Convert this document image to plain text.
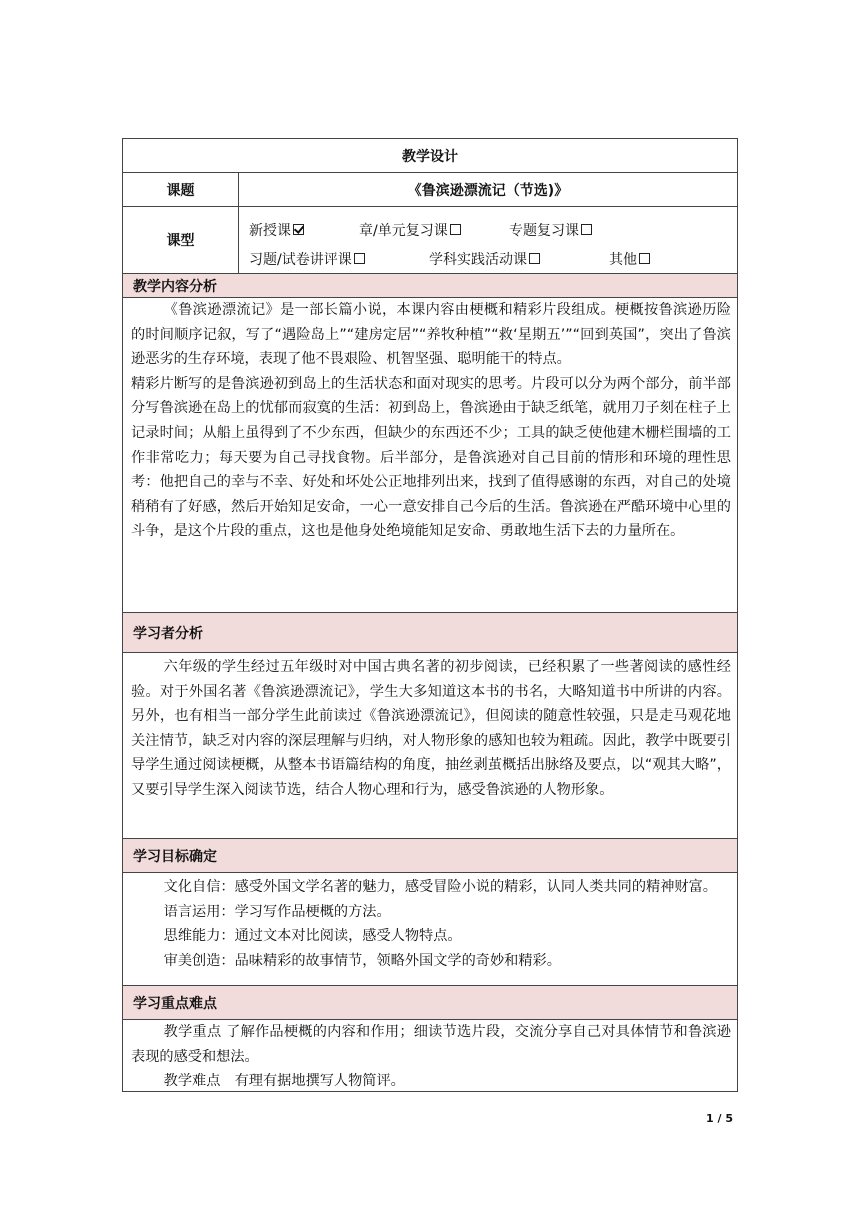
教学设计
课题	《鲁滨逊漂流记（节选)》
课型
新授课	章/单元复习课	专题复习课
习题/试卷讲评课	学科实践活动课	其他
教学内容分析

《鲁滨逊漂流记》是一部长篇小说，本课内容由梗概和精彩片段组成。梗概按鲁滨逊历险的时间顺序记叙，写了“遇险岛上”“建房定居”“养牧种植”“救‘星期五’”“回到英国”，突出了鲁滨逊恶劣的生存环境，表现了他不畏艰险、机智坚强、聪明能干的特点。

精彩片断写的是鲁滨逊初到岛上的生活状态和面对现实的思考。片段可以分为两个部分，前半部分写鲁滨逊在岛上的忧郁而寂寞的生活：初到岛上，鲁滨逊由于缺乏纸笔，就用刀子刻在柱子上记录时间；从船上虽得到了不少东西，但缺少的东西还不少；工具的缺乏使他建木栅栏围墙的工作非常吃力；每天要为自己寻找食物。后半部分，是鲁滨逊对自己目前的情形和环境的理性思考：他把自己的幸与不幸、好处和坏处公正地排列出来，找到了值得感谢的东西，对自己的处境稍稍有了好感，然后开始知足安命，一心一意安排自己今后的生活。鲁滨逊在严酷环境中心里的斗争，是这个片段的重点，这也是他身处绝境能知足安命、勇敢地生活下去的力量所在。

学习者分析

六年级的学生经过五年级时对中国古典名著的初步阅读，已经积累了一些著阅读的感性经验。对于外国名著《鲁滨逊漂流记》，学生大多知道这本书的书名，大略知道书中所讲的内容。另外，也有相当一部分学生此前读过《鲁滨逊漂流记》，但阅读的随意性较强，只是走马观花地关注情节，缺乏对内容的深层理解与归纳，对人物形象的感知也较为粗疏。因此，教学中既要引导学生通过阅读梗概，从整本书语篇结构的角度，抽丝剥茧概括出脉络及要点，以“观其大略”，又要引导学生深入阅读节选，结合人物心理和行为，感受鲁滨逊的人物形象。

学习目标确定

文化自信：感受外国文学名著的魅力，感受冒险小说的精彩，认同人类共同的精神财富。

语言运用：学习写作品梗概的方法。

思维能力：通过文本对比阅读，感受人物特点。

审美创造：品味精彩的故事情节，领略外国文学的奇妙和精彩。

学习重点难点

教学重点 了解作品梗概的内容和作用；细读节选片段，交流分享自己对具体情节和鲁滨逊表现的感受和想法。

教学难点　有理有据地撰写人物简评。

1 / 5
